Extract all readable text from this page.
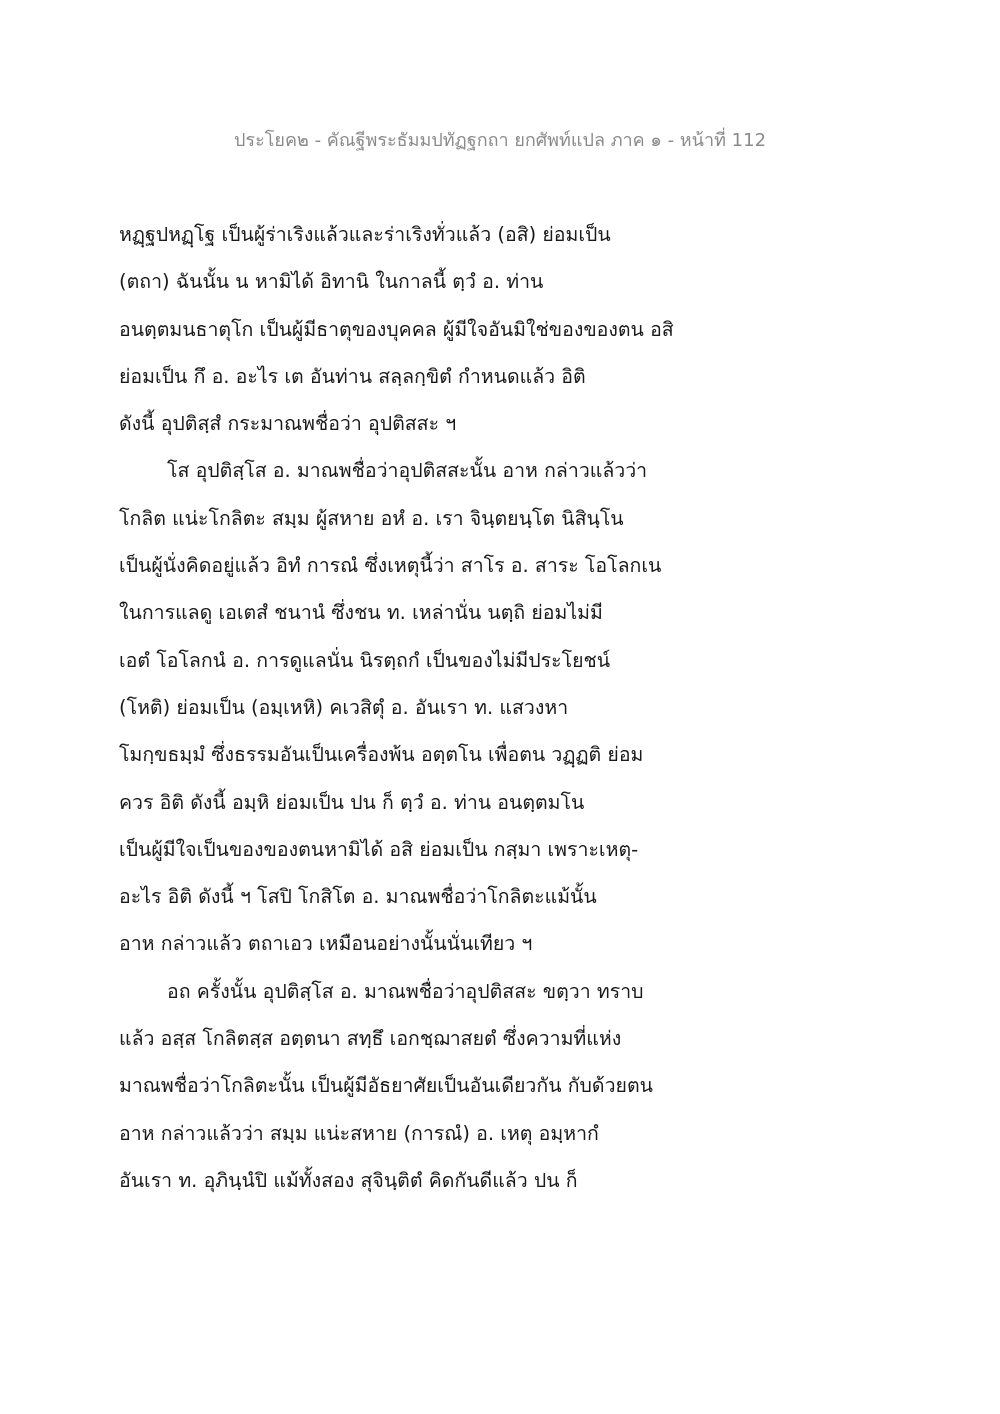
ประโยค๒ - คัณฐีพระธัมมปทัฏฐกถา ยกศัพท์แปล ภาค ๑ - หน้าที่ 112
หฏฺฐปหฏฺโฐ เป็นผู้ร่าเริงแล้วและร่าเริงทั่วแล้ว (อสิ) ย่อมเป็น
(ตถา) ฉันนั้น น หามิได้ อิทานิ ในกาลนี้ ตฺวํ อ. ท่าน
อนตฺตมนธาตุโก เป็นผู้มีธาตุของบุคคล ผู้มีใจอันมิใช่ของของตน อสิ
ย่อมเป็น กึ อ. อะไร เต อันท่าน สลฺลกฺขิตํ กำหนดแล้ว อิติ
ดังนี้ อุปติสฺสํ กระมาณพชื่อว่า อุปติสสะ ฯ
โส อุปติสฺโส อ. มาณพชื่อว่าอุปติสสะนั้น อาห กล่าวแล้วว่า
โกลิต แน่ะโกลิตะ สมฺม ผู้สหาย อหํ อ. เรา จินฺตยนฺโต นิสินฺโน
เป็นผู้นั่งคิดอยู่แล้ว อิทํ การณํ ซึ่งเหตุนี้ว่า สาโร อ. สาระ โอโลกเน
ในการแลดู เอเตสํ ชนานํ ซึ่งชน ท. เหล่านั่น นตฺถิ ย่อมไม่มี
เอตํ โอโลกนํ อ. การดูแลนั่น นิรตฺถกํ เป็นของไม่มีประโยชน์
(โหติ) ย่อมเป็น (อมฺเหหิ) คเวสิตุํ อ. อันเรา ท. แสวงหา
โมกฺขธมฺมํ ซึ่งธรรมอันเป็นเครื่องพ้น อตฺตโน เพื่อตน วฏฺฏติ ย่อม
ควร อิติ ดังนี้ อมฺหิ ย่อมเป็น ปน ก็ ตฺวํ อ. ท่าน อนตฺตมโน
เป็นผู้มีใจเป็นของของตนหามิได้ อสิ ย่อมเป็น กสฺมา เพราะเหตุ-
อะไร อิติ ดังนี้ ฯ โสปิ โกสิโต อ. มาณพชื่อว่าโกลิตะแม้นั้น
อาห กล่าวแล้ว ตถาเอว เหมือนอย่างนั้นนั่นเทียว ฯ
อถ ครั้งนั้น อุปติสฺโส อ. มาณพชื่อว่าอุปติสสะ ขตฺวา ทราบ
แล้ว อสฺส โกลิตสฺส อตฺตนา สทฺธึ เอกชฺฌาสยตํ ซึ่งความที่แห่ง
มาณพชื่อว่าโกลิตะนั้น เป็นผู้มีอัธยาศัยเป็นอันเดียวกัน กับด้วยตน
อาห กล่าวแล้วว่า สมฺม แน่ะสหาย (การณํ) อ. เหตุ อมฺหากํ
อันเรา ท. อุภินฺนํปิ แม้ทั้งสอง สุจินฺติตํ คิดกันดีแล้ว ปน ก็
